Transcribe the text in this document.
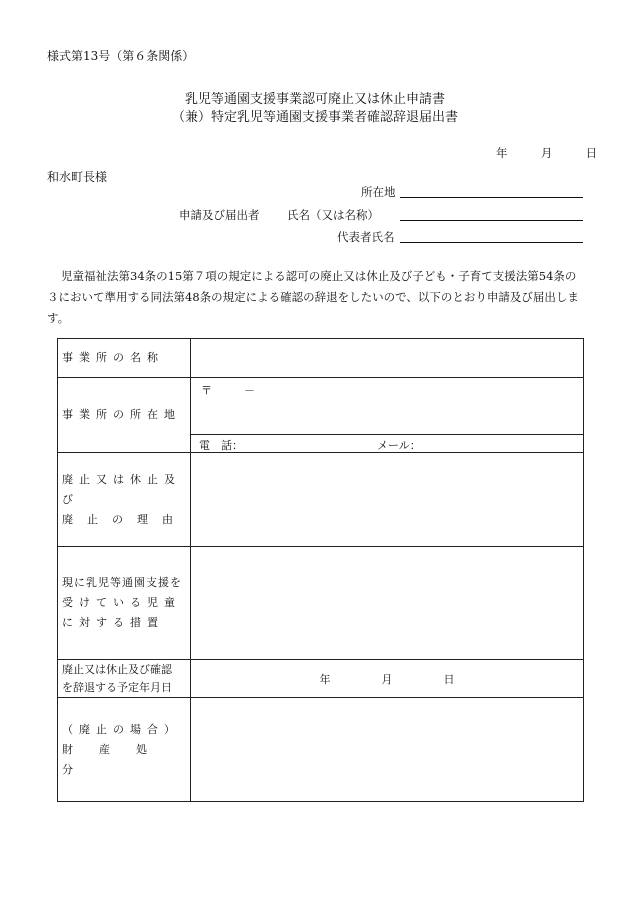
様式第13号（第６条関係）
乳児等通園支援事業認可廃止又は休止申請書
（兼）特定乳児等通園支援事業者確認辞退届出書
年	月	日
和水町長様
所在地
申請及び届出者 氏名（又は名称）
代表者氏名
児童福祉法第34条の15第７項の規定による認可の廃止又は休止及び子ども・子育て支援法第54条の３において準用する同法第48条の規定による確認の辞退をしたいので、以下のとおり申請及び届出します。
事業所の名称	
事業所の所在地	〒 －

	電　話： メール：

廃止又は休止及び
廃止の理由	

現に乳児等通園支援を
受けている児童
に対する措置	

廃止又は休止及び確認
を辞退する予定年月日	年 月 日

（廃止の場合）
財産処分	
